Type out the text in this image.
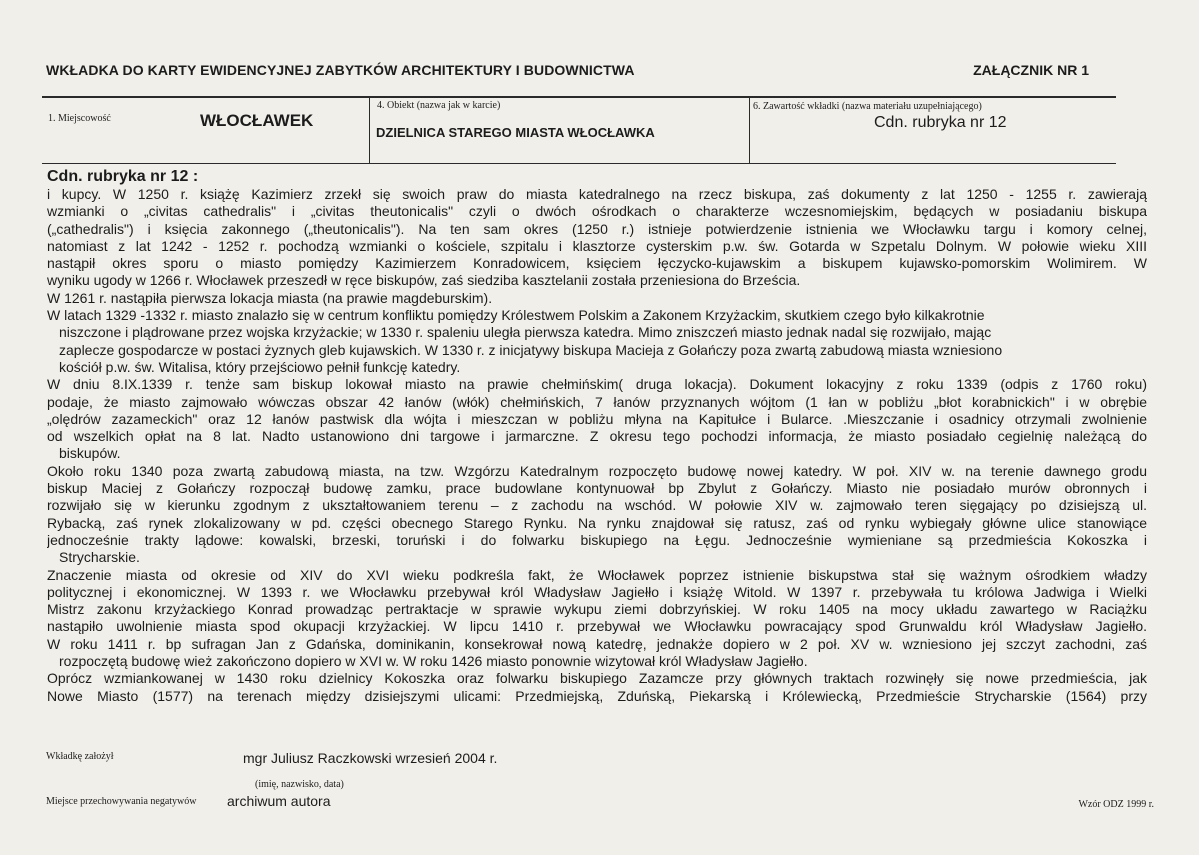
WKŁADKA DO KARTY EWIDENCYJNEJ ZABYTKÓW ARCHITEKTURY I BUDOWNICTWA	ZAŁĄCZNIK NR 1
1. Miejscowość	WŁOCŁAWEK
4. Obiekt (nazwa jak w karcie)
DZIELNICA STAREGO MIASTA WŁOCŁAWKA
6. Zawartość wkładki (nazwa materiału uzupełniającego)
Cdn. rubryka nr 12
Cdn. rubryka nr 12 :
i kupcy. W 1250 r. książę Kazimierz zrzekł się swoich praw do miasta katedralnego na rzecz biskupa, zaś dokumenty z lat 1250 - 1255 r. zawierają
wzmianki o „civitas cathedralis" i „civitas theutonicalis" czyli o dwóch ośrodkach o charakterze wczesnomiejskim, będących w posiadaniu biskupa
(„cathedralis") i księcia zakonnego („theutonicalis"). Na ten sam okres (1250 r.) istnieje potwierdzenie istnienia we Włocławku targu i komory celnej,
natomiast z lat 1242 - 1252 r. pochodzą wzmianki o kościele, szpitalu i klasztorze cysterskim p.w. św. Gotarda w Szpetalu Dolnym. W połowie wieku XIII
nastąpił okres sporu o miasto pomiędzy Kazimierzem Konradowicem, księciem łęczycko-kujawskim a biskupem kujawsko-pomorskim Wolimirem. W
wyniku ugody w 1266 r. Włocławek przeszedł w ręce biskupów, zaś siedziba kasztelanii została przeniesiona do Brześcia.
W 1261 r. nastąpiła pierwsza lokacja miasta (na prawie magdeburskim).
W latach 1329 -1332 r. miasto znalazło się w centrum konfliktu pomiędzy Królestwem Polskim a Zakonem Krzyżackim, skutkiem czego było kilkakrotnie
niszczone i plądrowane przez wojska krzyżackie; w 1330 r. spaleniu uległa pierwsza katedra. Mimo zniszczeń miasto jednak nadal się rozwijało, mając
zaplecze gospodarcze w postaci żyznych gleb kujawskich. W 1330 r. z inicjatywy biskupa Macieja z Gołańczy poza zwartą zabudową miasta wzniesiono
kościół p.w. św. Witalisa, który przejściowo pełnił funkcję katedry.
W dniu 8.IX.1339 r. tenże sam biskup lokował miasto na prawie chełmińskim( druga lokacja). Dokument lokacyjny z roku 1339 (odpis z 1760 roku)
podaje, że miasto zajmowało wówczas obszar 42 łanów (włók) chełmińskich, 7 łanów przyznanych wójtom (1 łan w pobliżu „błot korabnickich" i w obrębie
„olędrów zazameckich" oraz 12 łanów pastwisk dla wójta i mieszczan w pobliżu młyna na Kapitułce i Bularce. .Mieszczanie i osadnicy otrzymali zwolnienie
od wszelkich opłat na 8 lat. Nadto ustanowiono dni targowe i jarmarczne. Z okresu tego pochodzi informacja, że miasto posiadało cegielnię należącą do
biskupów.
Około roku 1340 poza zwartą zabudową miasta, na tzw. Wzgórzu Katedralnym rozpoczęto budowę nowej katedry. W poł. XIV w. na terenie dawnego grodu
biskup Maciej z Gołańczy rozpoczął budowę zamku, prace budowlane kontynuował bp Zbylut z Gołańczy. Miasto nie posiadało murów obronnych i
rozwijało się w kierunku zgodnym z ukształtowaniem terenu – z zachodu na wschód. W połowie XIV w. zajmowało teren sięgający po dzisiejszą ul.
Rybacką, zaś rynek zlokalizowany w pd. części obecnego Starego Rynku. Na rynku znajdował się ratusz, zaś od rynku wybiegały główne ulice stanowiące
jednocześnie trakty lądowe: kowalski, brzeski, toruński i do folwarku biskupiego na Łęgu. Jednocześnie wymieniane są przedmieścia Kokoszka i
Strycharskie.
Znaczenie miasta od okresie od XIV do XVI wieku podkreśla fakt, że Włocławek poprzez istnienie biskupstwa stał się ważnym ośrodkiem władzy
politycznej i ekonomicznej. W 1393 r. we Włocławku przebywał król Władysław Jagiełło i książę Witold. W 1397 r. przebywała tu królowa Jadwiga i Wielki
Mistrz zakonu krzyżackiego Konrad prowadząc pertraktacje w sprawie wykupu ziemi dobrzyńskiej. W roku 1405 na mocy układu zawartego w Raciążku
nastąpiło uwolnienie miasta spod okupacji krzyżackiej. W lipcu 1410 r. przebywał we Włocławku powracający spod Grunwaldu król Władysław Jagiełło.
W roku 1411 r. bp sufragan Jan z Gdańska, dominikanin, konsekrował nową katedrę, jednakże dopiero w 2 poł. XV w. wzniesiono jej szczyt zachodni, zaś
rozpoczętą budowę wież zakończono dopiero w XVI w. W roku 1426 miasto ponownie wizytował król Władysław Jagiełło.
Oprócz wzmiankowanej w 1430 roku dzielnicy Kokoszka oraz folwarku biskupiego Zazamcze przy głównych traktach rozwinęły się nowe przedmieścia, jak
Nowe Miasto (1577) na terenach między dzisiejszymi ulicami: Przedmiejską, Zduńską, Piekarską i Królewiecką, Przedmieście Strycharskie (1564) przy
Wkładkę założył	mgr Juliusz Raczkowski wrzesień 2004 r.
(imię, nazwisko, data)
Miejsce przechowywania negatywów archiwum autora	Wzór ODZ 1999 r.
